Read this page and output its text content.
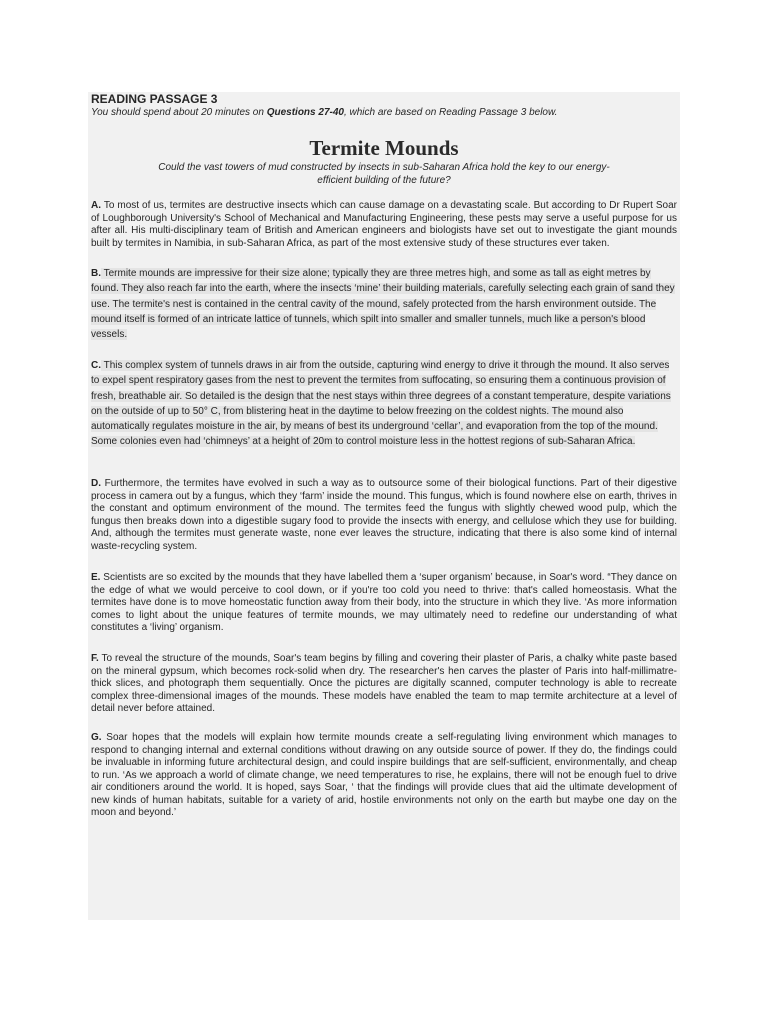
READING PASSAGE 3

You should spend about 20 minutes on Questions 27-40, which are based on Reading Passage 3 below.

Termite Mounds

Could the vast towers of mud constructed by insects in sub-Saharan Africa hold the key to our energy-efficient building of the future?

A. To most of us, termites are destructive insects which can cause damage on a devastating scale. But according to Dr Rupert Soar of Loughborough University's School of Mechanical and Manufacturing Engineering, these pests may serve a useful purpose for us after all. His multi-disciplinary team of British and American engineers and biologists have set out to investigate the giant mounds built by termites in Namibia, in sub-Saharan Africa, as part of the most extensive study of these structures ever taken.

B. Termite mounds are impressive for their size alone; typically they are three metres high, and some as tall as eight metres by found. They also reach far into the earth, where the insects ‘mine’ their building materials, carefully selecting each grain of sand they use. The termite's nest is contained in the central cavity of the mound, safely protected from the harsh environment outside. The mound itself is formed of an intricate lattice of tunnels, which spilt into smaller and smaller tunnels, much like a person's blood vessels.

C. This complex system of tunnels draws in air from the outside, capturing wind energy to drive it through the mound. It also serves to expel spent respiratory gases from the nest to prevent the termites from suffocating, so ensuring them a continuous provision of fresh, breathable air. So detailed is the design that the nest stays within three degrees of a constant temperature, despite variations on the outside of up to 50° C, from blistering heat in the daytime to below freezing on the coldest nights. The mound also automatically regulates moisture in the air, by means of best its underground ‘cellar’, and evaporation from the top of the mound. Some colonies even had ‘chimneys’ at a height of 20m to control moisture less in the hottest regions of sub-Saharan Africa.

D. Furthermore, the termites have evolved in such a way as to outsource some of their biological functions. Part of their digestive process in camera out by a fungus, which they ‘farm’ inside the mound. This fungus, which is found nowhere else on earth, thrives in the constant and optimum environment of the mound. The termites feed the fungus with slightly chewed wood pulp, which the fungus then breaks down into a digestible sugary food to provide the insects with energy, and cellulose which they use for building. And, although the termites must generate waste, none ever leaves the structure, indicating that there is also some kind of internal waste-recycling system.

E. Scientists are so excited by the mounds that they have labelled them a ‘super organism’ because, in Soar's word. “They dance on the edge of what we would perceive to cool down, or if you're too cold you need to thrive: that's called homeostasis. What the termites have done is to move homeostatic function away from their body, into the structure in which they live. ‘As more information comes to light about the unique features of termite mounds, we may ultimately need to redefine our understanding of what constitutes a ‘living’ organism.

F. To reveal the structure of the mounds, Soar's team begins by filling and covering their plaster of Paris, a chalky white paste based on the mineral gypsum, which becomes rock-solid when dry. The researcher's hen carves the plaster of Paris into half-millimatre-thick slices, and photograph them sequentially. Once the pictures are digitally scanned, computer technology is able to recreate complex three-dimensional images of the mounds. These models have enabled the team to map termite architecture at a level of detail never before attained.

G. Soar hopes that the models will explain how termite mounds create a self-regulating living environment which manages to respond to changing internal and external conditions without drawing on any outside source of power. If they do, the findings could be invaluable in informing future architectural design, and could inspire buildings that are self-sufficient, environmentally, and cheap to run. ‘As we approach a world of climate change, we need temperatures to rise, he explains, there will not be enough fuel to drive air conditioners around the world. It is hoped, says Soar, ‘ that the findings will provide clues that aid the ultimate development of new kinds of human habitats, suitable for a variety of arid, hostile environments not only on the earth but maybe one day on the moon and beyond.’
